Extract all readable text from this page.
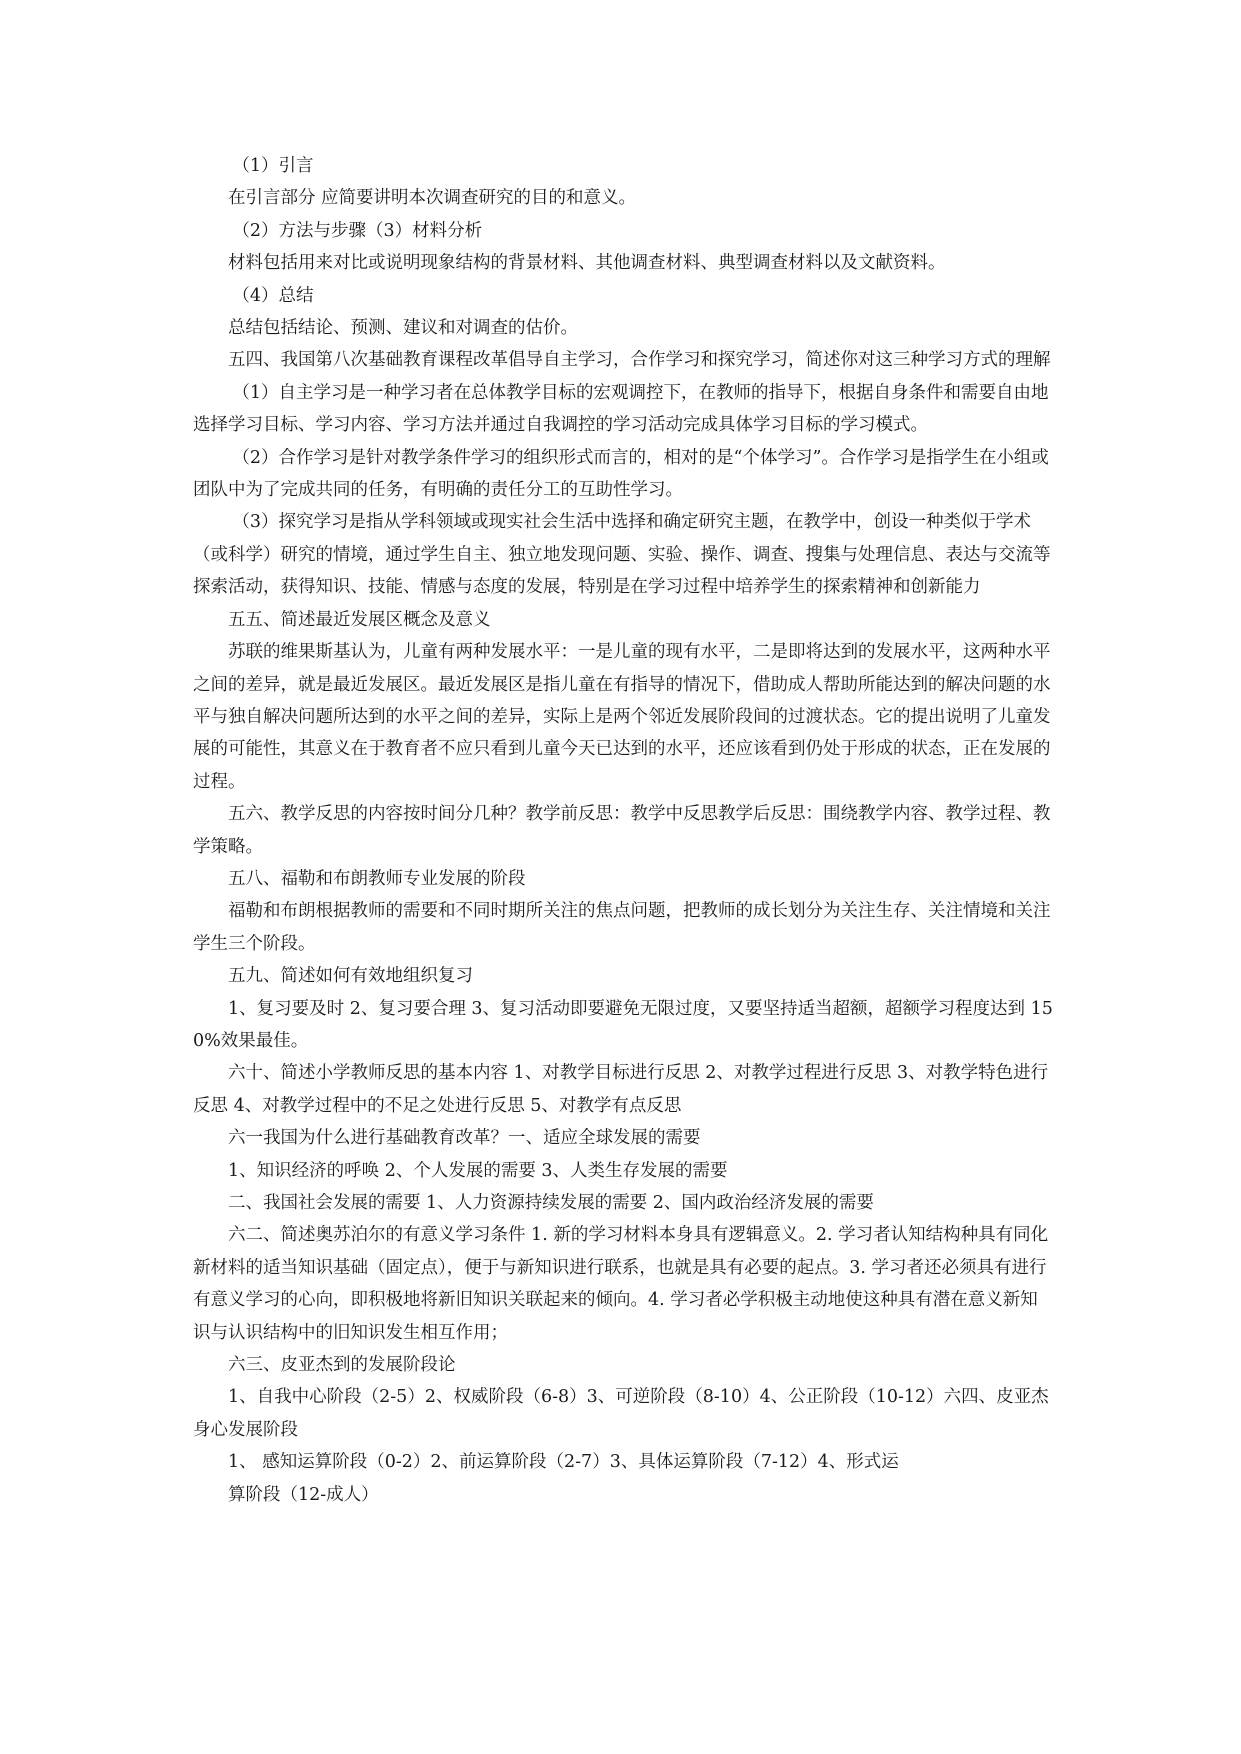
（1）引言

在引言部分 应简要讲明本次调查研究的目的和意义。

（2）方法与步骤（3）材料分析

材料包括用来对比或说明现象结构的背景材料、其他调查材料、典型调查材料以及文献资料。

（4）总结

总结包括结论、预测、建议和对调查的估价。

五四、我国第八次基础教育课程改革倡导自主学习，合作学习和探究学习，简述你对这三种学习方式的理解

（1）自主学习是一种学习者在总体教学目标的宏观调控下，在教师的指导下，根据自身条件和需要自由地选择学习目标、学习内容、学习方法并通过自我调控的学习活动完成具体学习目标的学习模式。

（2）合作学习是针对教学条件学习的组织形式而言的，相对的是“个体学习”。合作学习是指学生在小组或团队中为了完成共同的任务，有明确的责任分工的互助性学习。

（3）探究学习是指从学科领域或现实社会生活中选择和确定研究主题，在教学中，创设一种类似于学术（或科学）研究的情境，通过学生自主、独立地发现问题、实验、操作、调查、搜集与处理信息、表达与交流等探索活动，获得知识、技能、情感与态度的发展，特别是在学习过程中培养学生的探索精神和创新能力

五五、简述最近发展区概念及意义

苏联的维果斯基认为，儿童有两种发展水平：一是儿童的现有水平，二是即将达到的发展水平，这两种水平之间的差异，就是最近发展区。最近发展区是指儿童在有指导的情况下，借助成人帮助所能达到的解决问题的水平与独自解决问题所达到的水平之间的差异，实际上是两个邻近发展阶段间的过渡状态。它的提出说明了儿童发展的可能性，其意义在于教育者不应只看到儿童今天已达到的水平，还应该看到仍处于形成的状态，正在发展的过程。

五六、教学反思的内容按时间分几种？教学前反思：教学中反思教学后反思：围绕教学内容、教学过程、教学策略。

五八、福勒和布朗教师专业发展的阶段

福勒和布朗根据教师的需要和不同时期所关注的焦点问题，把教师的成长划分为关注生存、关注情境和关注学生三个阶段。

五九、简述如何有效地组织复习

1、复习要及时 2、复习要合理 3、复习活动即要避免无限过度，又要坚持适当超额，超额学习程度达到 150%效果最佳。

六十、简述小学教师反思的基本内容 1、对教学目标进行反思 2、对教学过程进行反思 3、对教学特色进行反思 4、对教学过程中的不足之处进行反思 5、对教学有点反思

六一我国为什么进行基础教育改革？一、适应全球发展的需要

1、知识经济的呼唤 2、个人发展的需要 3、人类生存发展的需要

二、我国社会发展的需要 1、人力资源持续发展的需要 2、国内政治经济发展的需要

六二、简述奥苏泊尔的有意义学习条件 1. 新的学习材料本身具有逻辑意义。2. 学习者认知结构种具有同化新材料的适当知识基础（固定点），便于与新知识进行联系，也就是具有必要的起点。3. 学习者还必须具有进行有意义学习的心向，即积极地将新旧知识关联起来的倾向。4. 学习者必学积极主动地使这种具有潜在意义新知识与认识结构中的旧知识发生相互作用；

六三、皮亚杰到的发展阶段论

1、自我中心阶段（2-5）2、权威阶段（6-8）3、可逆阶段（8-10）4、公正阶段（10-12）六四、皮亚杰身心发展阶段

1、 感知运算阶段（0-2）2、前运算阶段（2-7）3、具体运算阶段（7-12）4、形式运

算阶段（12-成人）
